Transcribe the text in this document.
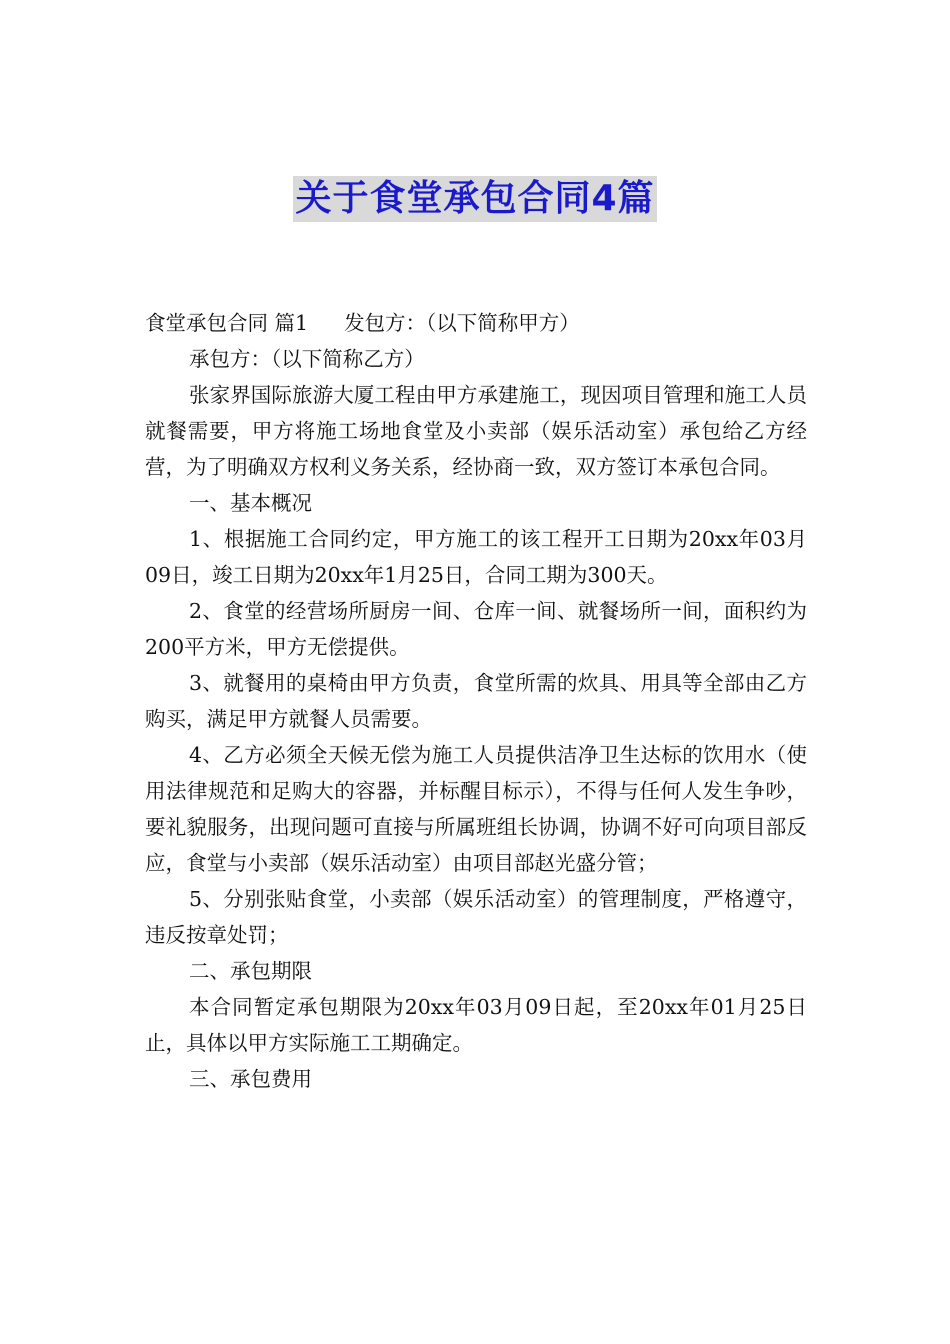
关于食堂承包合同4篇

食堂承包合同 篇1 发包方：（以下简称甲方）

承包方：（以下简称乙方）

张家界国际旅游大厦工程由甲方承建施工，现因项目管理和施工人员就餐需要，甲方将施工场地食堂及小卖部（娱乐活动室）承包给乙方经营，为了明确双方权利义务关系，经协商一致，双方签订本承包合同。

一、基本概况

1、根据施工合同约定，甲方施工的该工程开工日期为20xx年03月09日，竣工日期为20xx年1月25日，合同工期为300天。

2、食堂的经营场所厨房一间、仓库一间、就餐场所一间，面积约为200平方米，甲方无偿提供。

3、就餐用的桌椅由甲方负责，食堂所需的炊具、用具等全部由乙方购买，满足甲方就餐人员需要。

4、乙方必须全天候无偿为施工人员提供洁净卫生达标的饮用水（使用法律规范和足购大的容器，并标醒目标示），不得与任何人发生争吵，要礼貌服务，出现问题可直接与所属班组长协调，协调不好可向项目部反应，食堂与小卖部（娱乐活动室）由项目部赵光盛分管；

5、分别张贴食堂，小卖部（娱乐活动室）的管理制度，严格遵守，违反按章处罚；

二、承包期限

本合同暂定承包期限为20xx年03月09日起，至20xx年01月25日止，具体以甲方实际施工工期确定。

三、承包费用
